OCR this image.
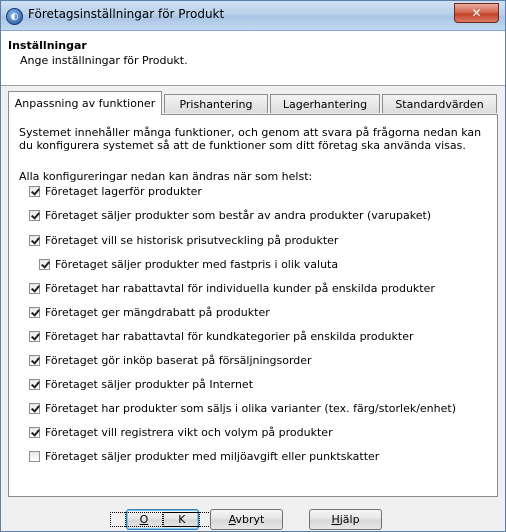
◐ Företagsinställningar för Produkt	✕
Inställningar
Ange inställningar för Produkt.
Anpassning av funktioner Prishantering	Lagerhantering	Standardvärden
Systemet innehåller många funktioner, och genom att svara på frågorna nedan kan du konfigurera systemet så att de funktioner som ditt företag ska använda visas.
Alla konfigureringar nedan kan ändras när som helst:
Företaget lagerför produkter
Företaget säljer produkter som består av andra produkter (varupaket)
Företaget vill se historisk prisutveckling på produkter
Företaget säljer produkter med fastpris i olik valuta
Företaget har rabattavtal för individuella kunder på enskilda produkter
Företaget ger mängdrabatt på produkter
Företaget har rabattavtal för kundkategorier på enskilda produkter
Företaget gör inköp baserat på försäljningsorder
Företaget säljer produkter på Internet
Företaget har produkter som säljs i olika varianter (tex. färg/storlek/enhet)
Företaget vill registrera vikt och volym på produkter
Företaget säljer produkter med miljöavgift eller punktskatter
O	K	Avbryt	Hjälp
